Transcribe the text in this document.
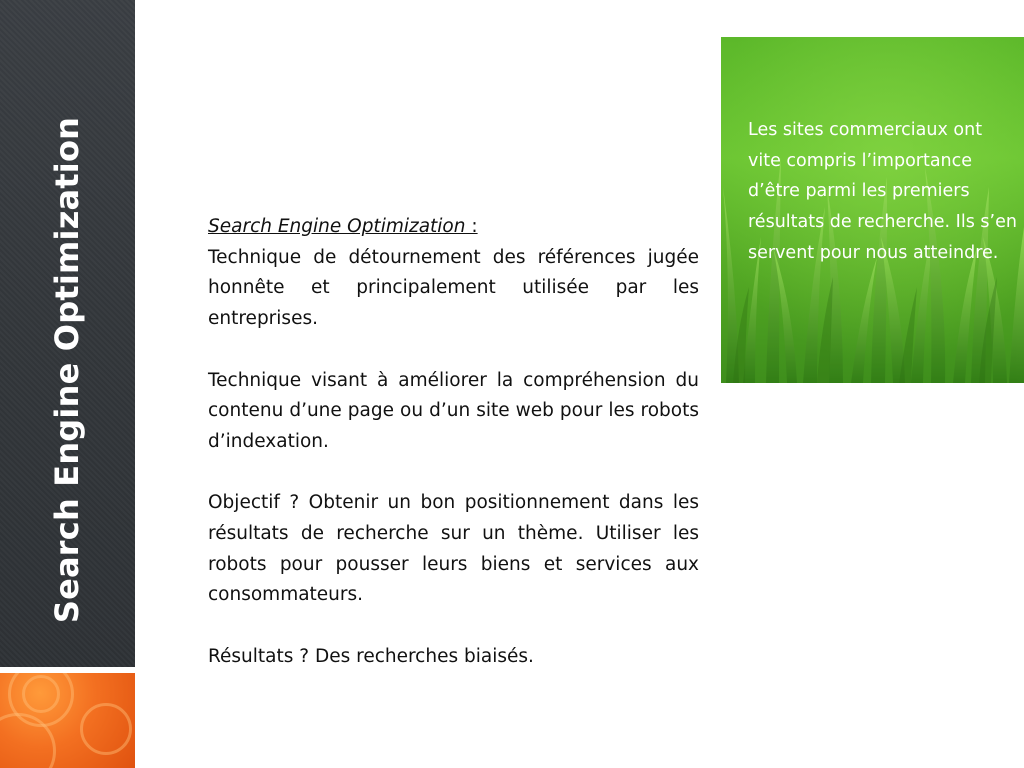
Search Engine Optimization	Search Engine Optimization :

Technique de détournement des références jugée honnête et principalement utilisée par les entreprises.

Technique visant à améliorer la compréhension du contenu d’une page ou d’un site web pour les robots d’indexation.

Objectif ? Obtenir un bon positionnement dans les résultats de recherche sur un thème. Utiliser les robots pour pousser leurs biens et services aux consommateurs.

Résultats ? Des recherches biaisés.

Les sites commerciaux ont vite compris l’importance d’être parmi les premiers résultats de recherche. Ils s’en servent pour nous atteindre.
